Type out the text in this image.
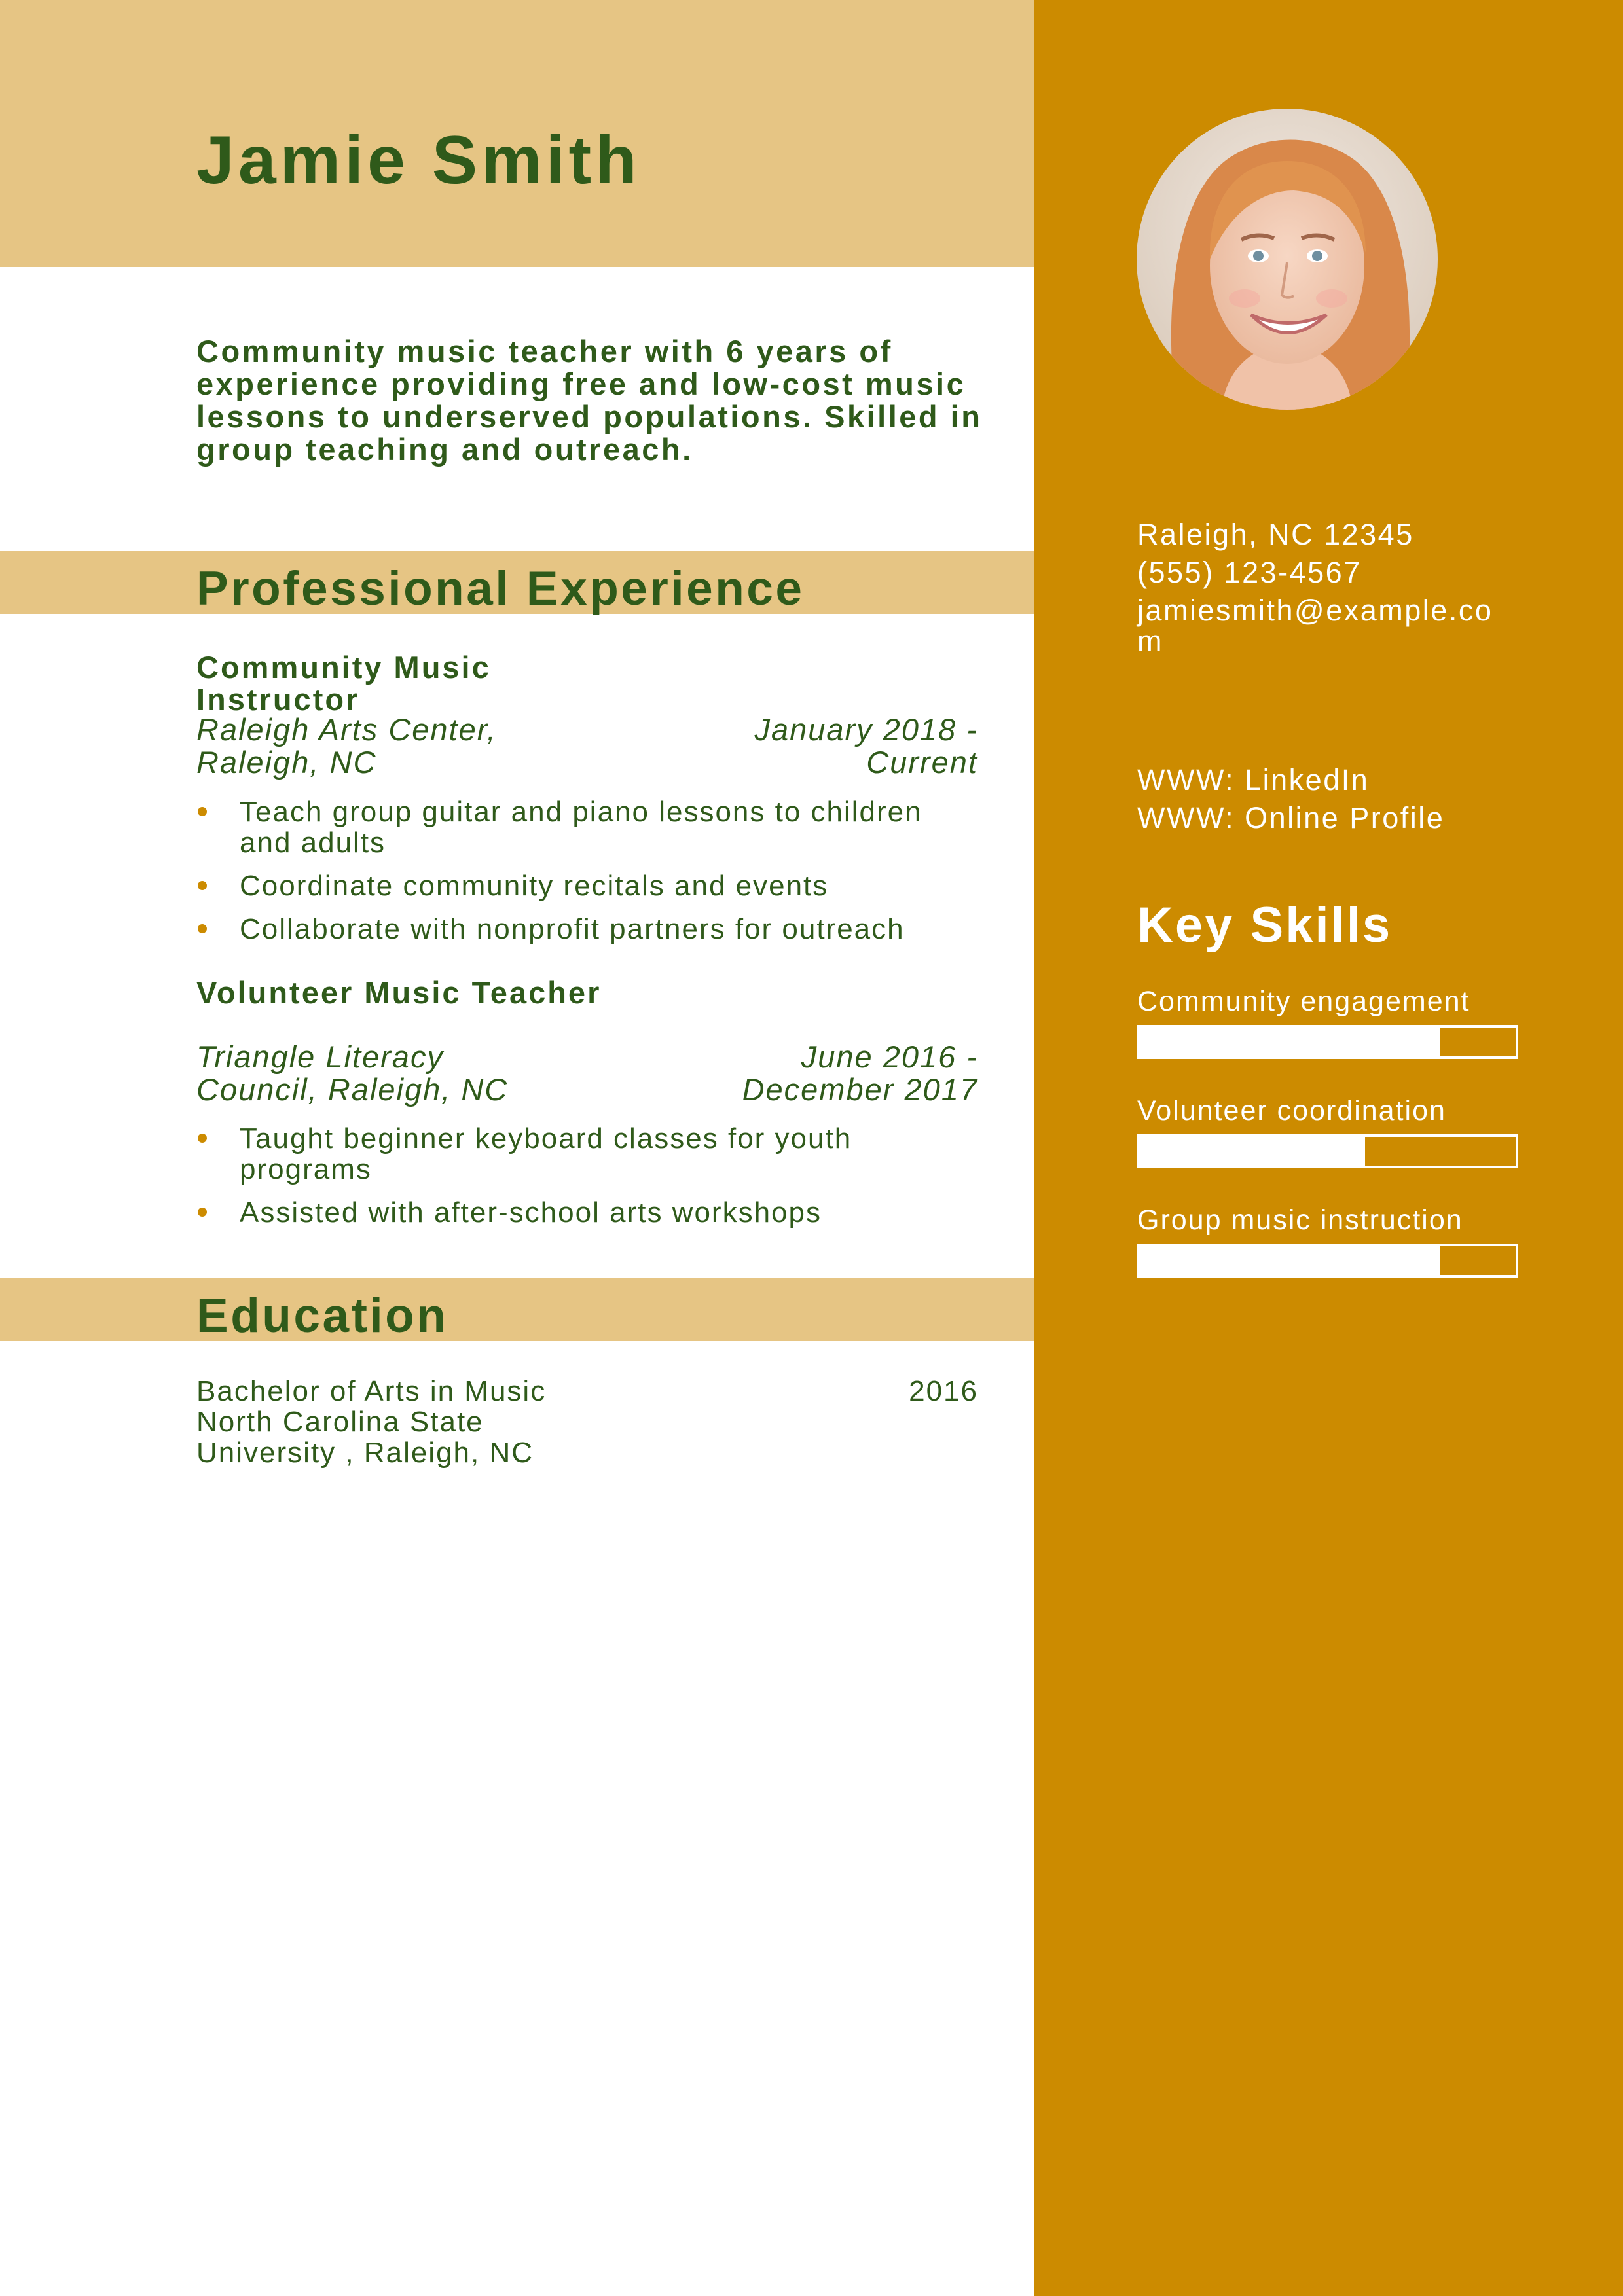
Jamie Smith

Community music teacher with 6 years of experience providing free and low-cost music lessons to underserved populations. Skilled in group teaching and outreach.

Professional Experience
Community Music Instructor

Raleigh Arts Center, Raleigh, NC

January 2018 - Current

Teach group guitar and piano lessons to children and adults
Coordinate community recitals and events
Collaborate with nonprofit partners for outreach
Volunteer Music Teacher

Triangle Literacy Council, Raleigh, NC

June 2016 - December 2017

Taught beginner keyboard classes for youth programs
Assisted with after-school arts workshops
Education

Bachelor of Arts in Music

North Carolina State University , Raleigh, NC

2016

Raleigh, NC 12345

(555) 123-4567

jamiesmith@example.com

WWW: LinkedIn

WWW: Online Profile

Key Skills

Community engagement

Volunteer coordination

Group music instruction
